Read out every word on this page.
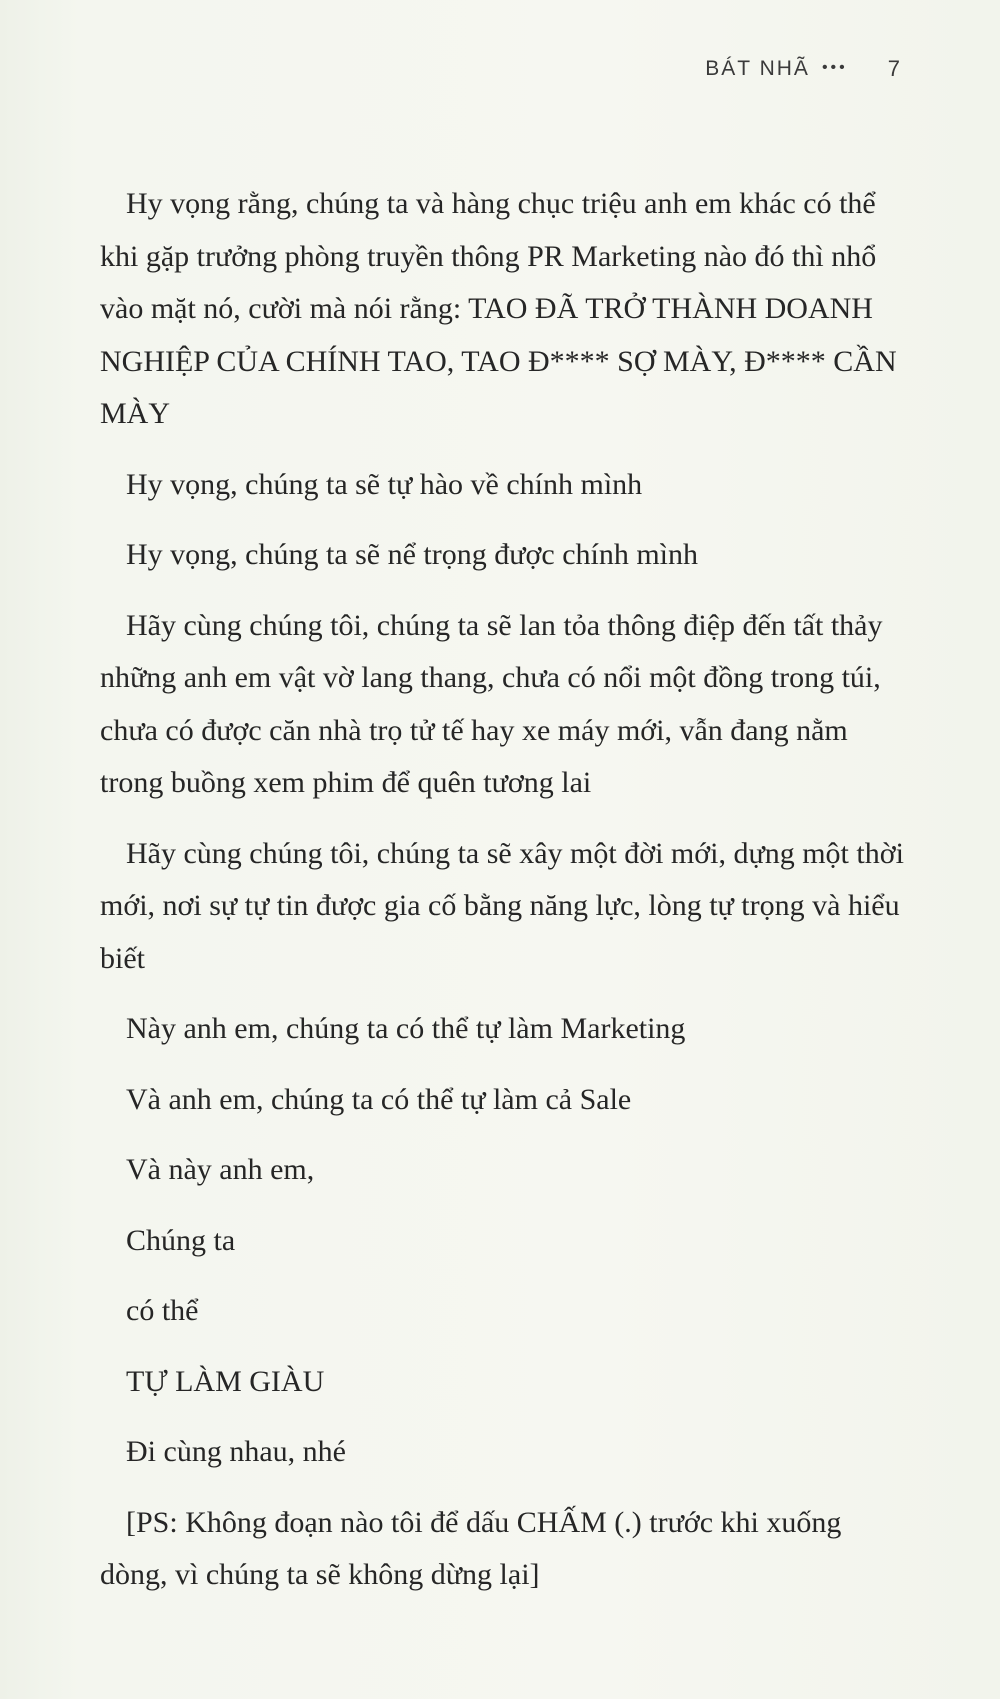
BÁT NHÃ ••• 7

Hy vọng rằng, chúng ta và hàng chục triệu anh em khác có thể khi gặp trưởng phòng truyền thông PR Marketing nào đó thì nhổ vào mặt nó, cười mà nói rằng: TAO ĐÃ TRỞ THÀNH DOANH NGHIỆP CỦA CHÍNH TAO, TAO Đ**** SỢ MÀY, Đ**** CẦN MÀY

Hy vọng, chúng ta sẽ tự hào về chính mình

Hy vọng, chúng ta sẽ nể trọng được chính mình

Hãy cùng chúng tôi, chúng ta sẽ lan tỏa thông điệp đến tất thảy những anh em vật vờ lang thang, chưa có nổi một đồng trong túi, chưa có được căn nhà trọ tử tế hay xe máy mới, vẫn đang nằm trong buồng xem phim để quên tương lai

Hãy cùng chúng tôi, chúng ta sẽ xây một đời mới, dựng một thời mới, nơi sự tự tin được gia cố bằng năng lực, lòng tự trọng và hiểu biết

Này anh em, chúng ta có thể tự làm Marketing

Và anh em, chúng ta có thể tự làm cả Sale

Và này anh em,

Chúng ta

có thể

TỰ LÀM GIÀU

Đi cùng nhau, nhé

[PS: Không đoạn nào tôi để dấu CHẤM (.) trước khi xuống dòng, vì chúng ta sẽ không dừng lại]
